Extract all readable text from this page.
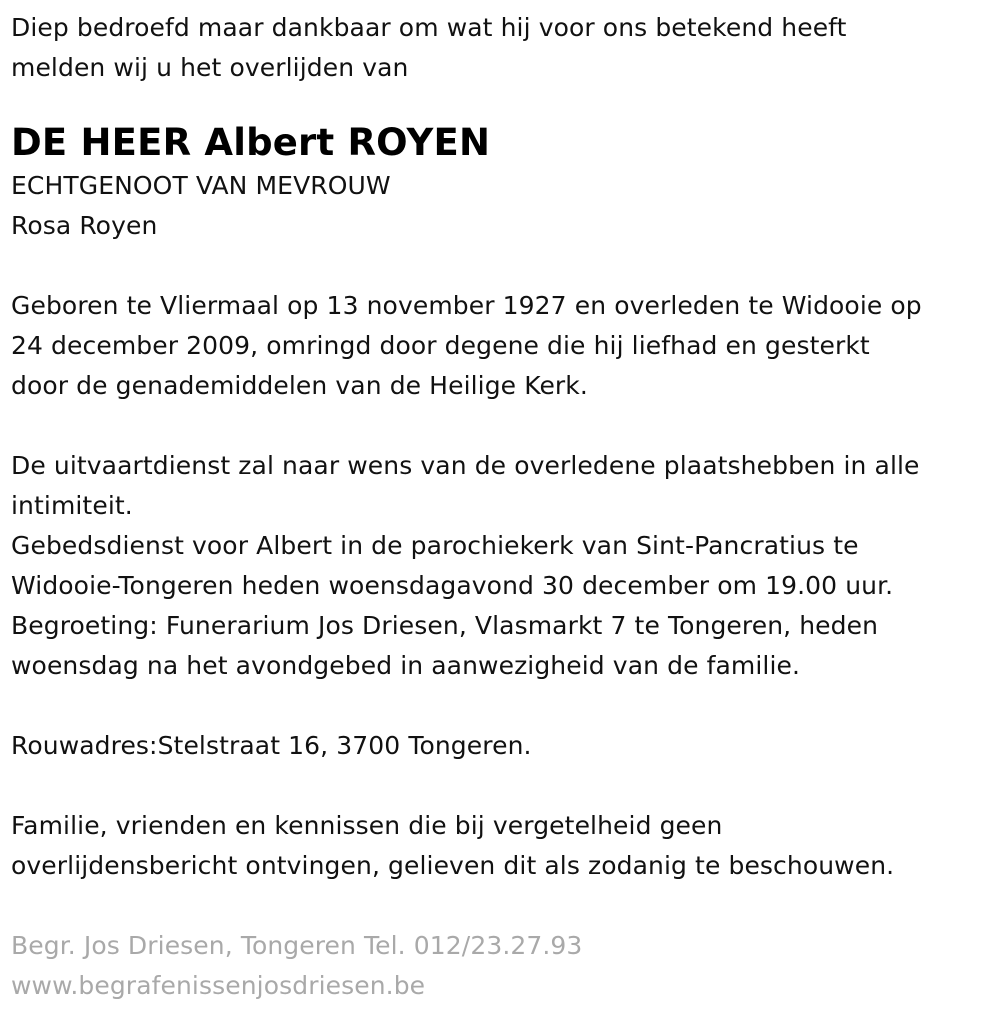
Diep bedroefd maar dankbaar om wat hij voor ons betekend heeft
melden wij u het overlijden van
DE HEER Albert ROYEN
ECHTGENOOT VAN MEVROUW
Rosa Royen
Geboren te Vliermaal op 13 november 1927 en overleden te Widooie op
24 december 2009, omringd door degene die hij liefhad en gesterkt
door de genademiddelen van de Heilige Kerk.
De uitvaartdienst zal naar wens van de overledene plaatshebben in alle
intimiteit.
Gebedsdienst voor Albert in de parochiekerk van Sint-Pancratius te
Widooie-Tongeren heden woensdagavond 30 december om 19.00 uur.
Begroeting: Funerarium Jos Driesen, Vlasmarkt 7 te Tongeren, heden
woensdag na het avondgebed in aanwezigheid van de familie.
Rouwadres:Stelstraat 16, 3700 Tongeren.
Familie, vrienden en kennissen die bij vergetelheid geen
overlijdensbericht ontvingen, gelieven dit als zodanig te beschouwen.
Begr. Jos Driesen, Tongeren Tel. 012/23.27.93
www.begrafenissenjosdriesen.be
